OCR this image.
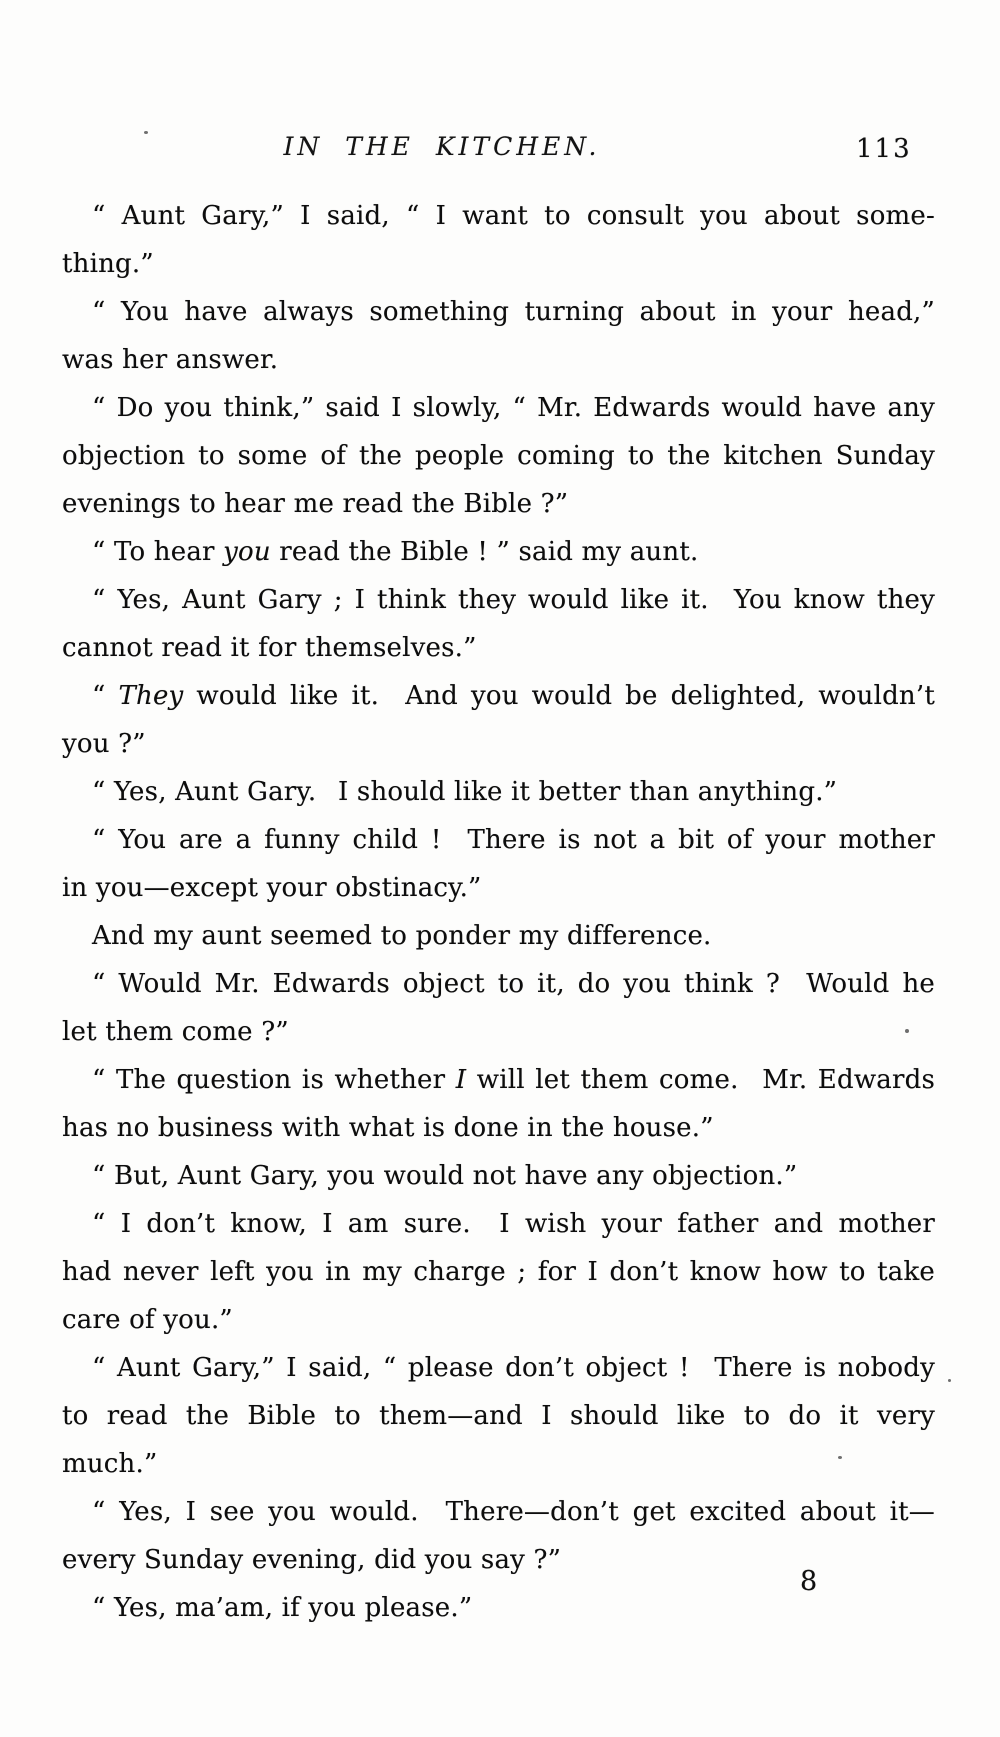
IN THE KITCHEN.	113
“ Aunt Gary,” I said, “ I want to consult you about some-
thing.”
“ You have always something turning about in your head,”
was her answer.
“ Do you think,” said I slowly, “ Mr. Edwards would have any
objection to some of the people coming to the kitchen Sunday
evenings to hear me read the Bible ?”
“ To hear you read the Bible ! ” said my aunt.
“ Yes, Aunt Gary ; I think they would like it.  You know they
cannot read it for themselves.”
“ They would like it.  And you would be delighted, wouldn’t
you ?”
“ Yes, Aunt Gary.  I should like it better than anything.”
“ You are a funny child !  There is not a bit of your mother
in you—except your obstinacy.”
And my aunt seemed to ponder my difference.
“ Would Mr. Edwards object to it, do you think ?  Would he
let them come ?”
“ The question is whether I will let them come.  Mr. Edwards
has no business with what is done in the house.”
“ But, Aunt Gary, you would not have any objection.”
“ I don’t know, I am sure.  I wish your father and mother
had never left you in my charge ; for I don’t know how to take
care of you.”
“ Aunt Gary,” I said, “ please don’t object !  There is nobody
to read the Bible to them—and I should like to do it very
much.”
“ Yes, I see you would.  There—don’t get excited about it—
every Sunday evening, did you say ?”
“ Yes, ma’am, if you please.”
8
